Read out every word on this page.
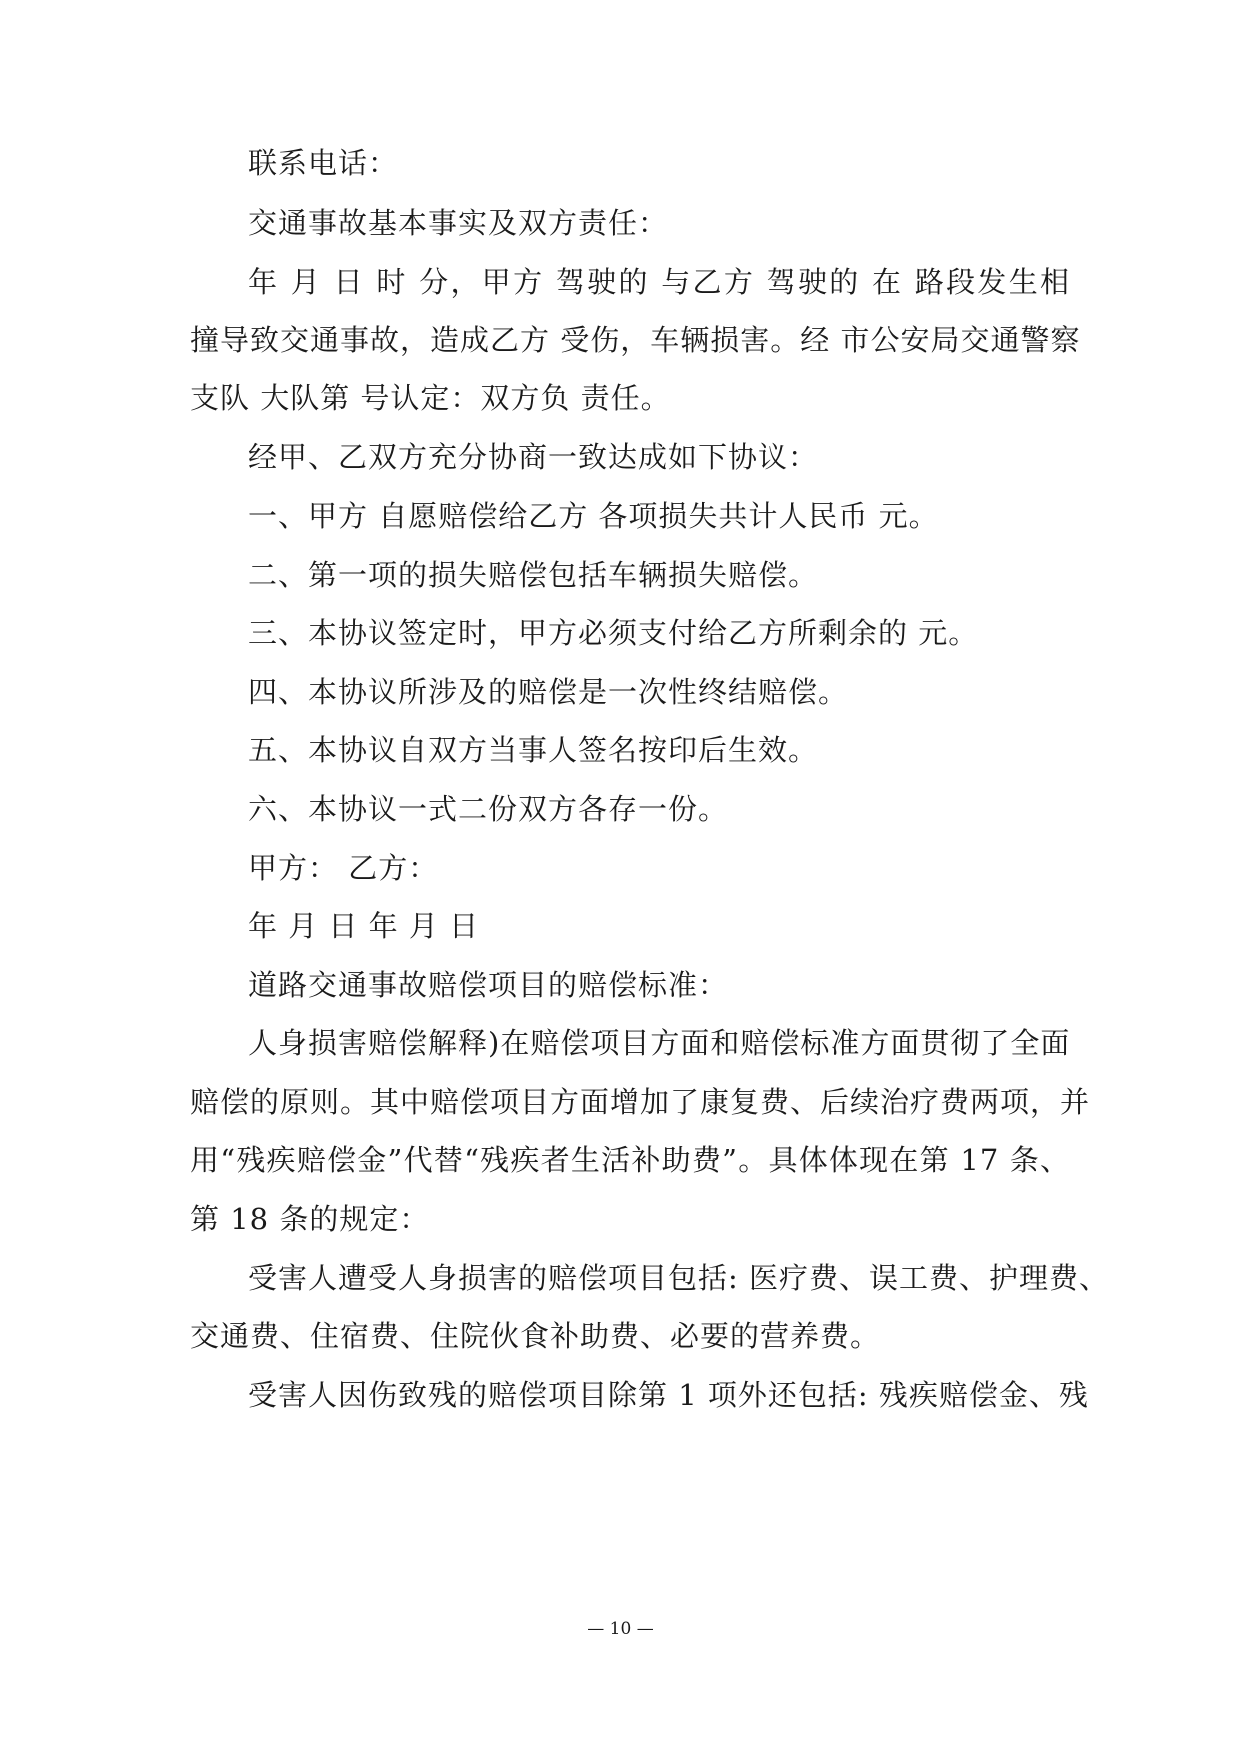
联系电话：
交通事故基本事实及双方责任：
年 月 日 时 分，甲方 驾驶的 与乙方 驾驶的 在 路段发生相
撞导致交通事故，造成乙方 受伤，车辆损害。经 市公安局交通警察
支队 大队第 号认定：双方负 责任。
经甲、乙双方充分协商一致达成如下协议：
一、甲方 自愿赔偿给乙方 各项损失共计人民币 元。
二、第一项的损失赔偿包括车辆损失赔偿。
三、本协议签定时，甲方必须支付给乙方所剩余的 元。
四、本协议所涉及的赔偿是一次性终结赔偿。
五、本协议自双方当事人签名按印后生效。
六、本协议一式二份双方各存一份。
甲方： 乙方：
年 月 日 年 月 日
道路交通事故赔偿项目的赔偿标准：
人身损害赔偿解释)在赔偿项目方面和赔偿标准方面贯彻了全面
赔偿的原则。其中赔偿项目方面增加了康复费、后续治疗费两项，并
用“残疾赔偿金”代替“残疾者生活补助费”。具体体现在第 17 条、
第 18 条的规定：
受害人遭受人身损害的赔偿项目包括: 医疗费、误工费、护理费、
交通费、住宿费、住院伙食补助费、必要的营养费。
受害人因伤致残的赔偿项目除第 1 项外还包括: 残疾赔偿金、残
— 10 —
